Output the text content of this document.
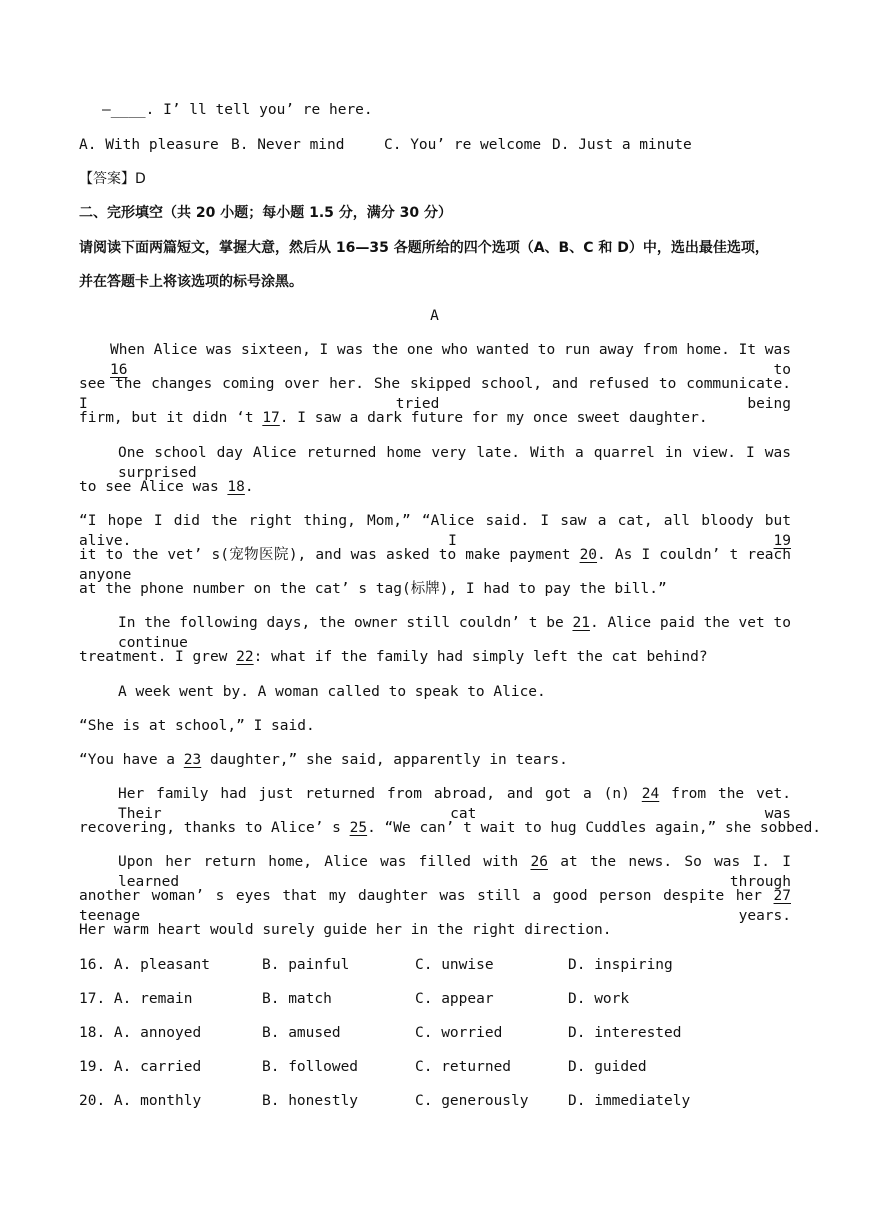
—____. I’ ll tell you’ re here.
A. With pleasure B. Never mind	C. You’ re welcome D. Just a minute
【答案】D
二、完形填空（共 20 小题；每小题 1.5 分，满分 30 分）
请阅读下面两篇短文，掌握大意，然后从 16—35 各题所给的四个选项（A、B、C 和 D）中，选出最佳选项，
并在答题卡上将该选项的标号涂黑。
A
When Alice was sixteen, I was the one who wanted to run away from home. It was 16 to
see the changes coming over her. She skipped school, and refused to communicate. I tried being
firm, but it didn ‘t 17. I saw a dark future for my once sweet daughter.
One school day Alice returned home very late. With a quarrel in view. I was surprised
to see Alice was 18.
“I hope I did the right thing, Mom,” “Alice said. I saw a cat, all bloody but alive. I 19
it to the vet’ s(宠物医院), and was asked to make payment 20. As I couldn’ t reach anyone
at the phone number on the cat’ s tag(标牌), I had to pay the bill.”
In the following days, the owner still couldn’ t be 21. Alice paid the vet to continue
treatment. I grew 22: what if the family had simply left the cat behind?
A week went by. A woman called to speak to Alice.
“She is at school,” I said.
“You have a 23 daughter,” she said, apparently in tears.
Her family had just returned from abroad, and got a (n) 24 from the vet. Their cat was
recovering, thanks to Alice’ s 25. “We can’ t wait to hug Cuddles again,” she sobbed.
Upon her return home, Alice was filled with 26 at the news. So was I. I learned through
another woman’ s eyes that my daughter was still a good person despite her 27 teenage years.
Her warm heart would surely guide her in the right direction.
16. A. pleasant	B. painful	C. unwise	D. inspiring
17. A. remain	B. match	C. appear	D. work
18. A. annoyed	B. amused	C. worried	D. interested
19. A. carried	B. followed	C. returned	D. guided
20. A. monthly	B. honestly	C. generously	D. immediately
